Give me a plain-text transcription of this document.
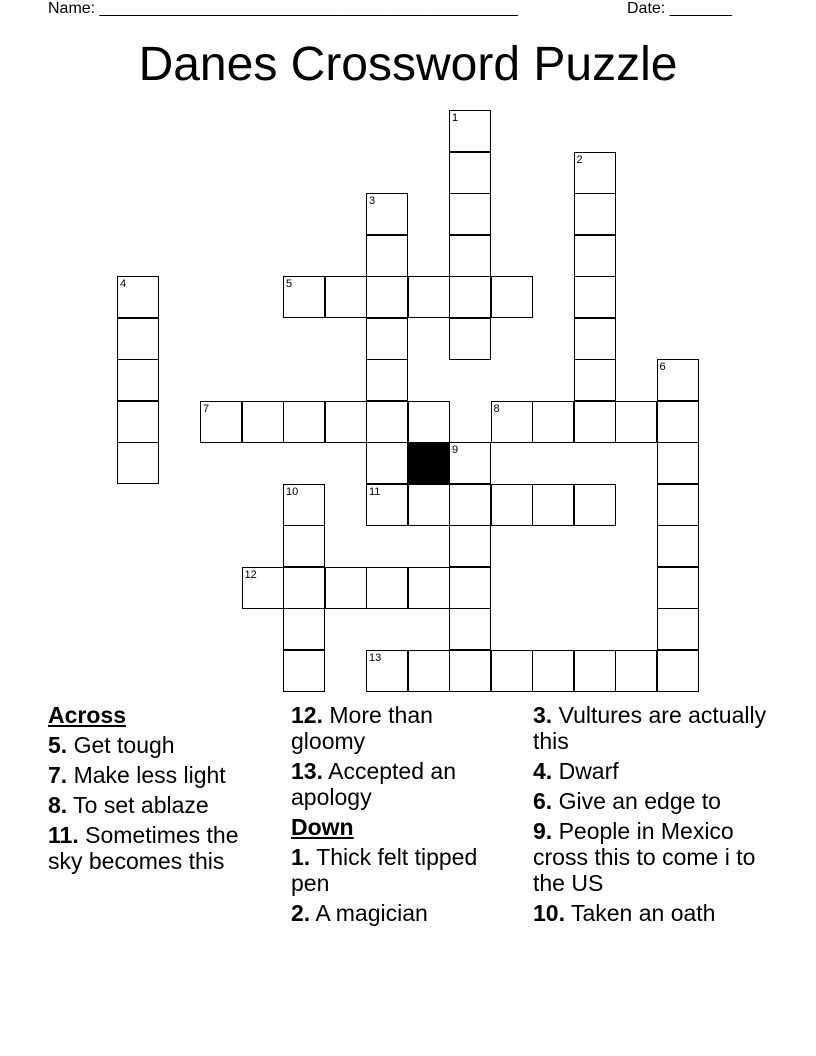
Name: _______________________________________________	Date: _______
Danes Crossword Puzzle
1
2
3
11
4	5
6
7	8
9
10
12
13
Across
5. Get tough
7. Make less light
8. To set ablaze
11. Sometimes the sky becomes this
12. More than gloomy
13. Accepted an apology
Down
1. Thick felt tipped pen
2. A magician
3. Vultures are actually this
4. Dwarf
6. Give an edge to
9. People in Mexico cross this to come i to the US
10. Taken an oath
